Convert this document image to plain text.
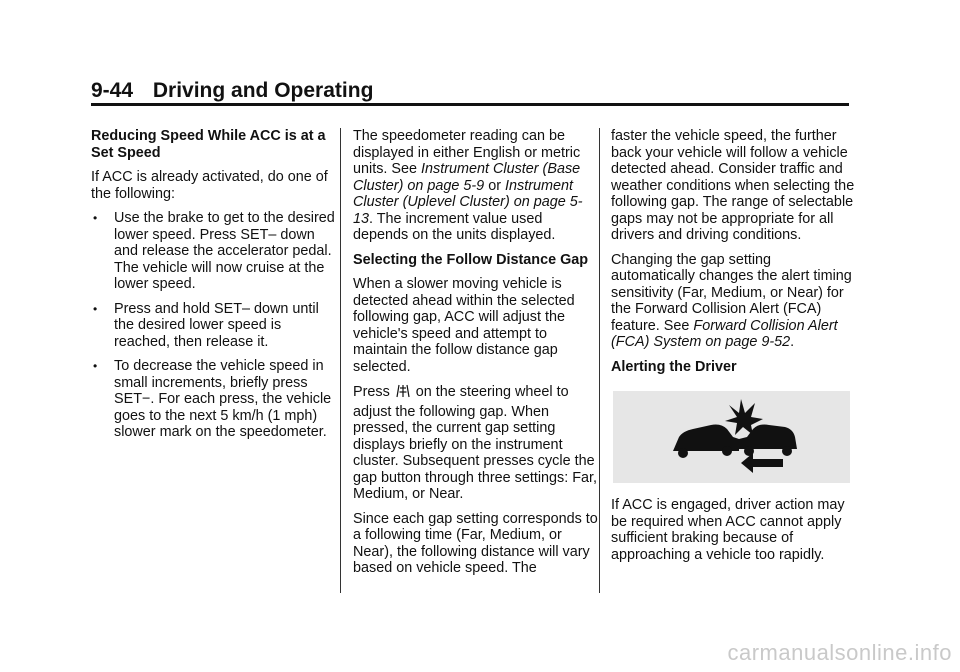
9-44 Driving and Operating

Reducing Speed While ACC is at a Set Speed

If ACC is already activated, do one of the following:

• Use the brake to get to the desired lower speed. Press SET– down and release the accelerator pedal. The vehicle will now cruise at the lower speed.
• Press and hold SET– down until the desired lower speed is reached, then release it.
• To decrease the vehicle speed in small increments, briefly press SET−. For each press, the vehicle goes to the next 5 km/h (1 mph) slower mark on the speedometer.

The speedometer reading can be displayed in either English or metric units. See Instrument Cluster (Base Cluster) on page 5-9 or Instrument Cluster (Uplevel Cluster) on page 5-13. The increment value used depends on the units displayed.

Selecting the Follow Distance Gap

When a slower moving vehicle is detected ahead within the selected following gap, ACC will adjust the vehicle's speed and attempt to maintain the follow distance gap selected.

Press  on the steering wheel to adjust the following gap. When pressed, the current gap setting displays briefly on the instrument cluster. Subsequent presses cycle the gap button through three settings: Far, Medium, or Near.

Since each gap setting corresponds to a following time (Far, Medium, or Near), the following distance will vary based on vehicle speed. The

faster the vehicle speed, the further back your vehicle will follow a vehicle detected ahead. Consider traffic and weather conditions when selecting the following gap. The range of selectable gaps may not be appropriate for all drivers and driving conditions.

Changing the gap setting automatically changes the alert timing sensitivity (Far, Medium, or Near) for the Forward Collision Alert (FCA) feature. See Forward Collision Alert (FCA) System on page 9-52.

Alerting the Driver

If ACC is engaged, driver action may be required when ACC cannot apply sufficient braking because of approaching a vehicle too rapidly.

carmanualsonline.info
